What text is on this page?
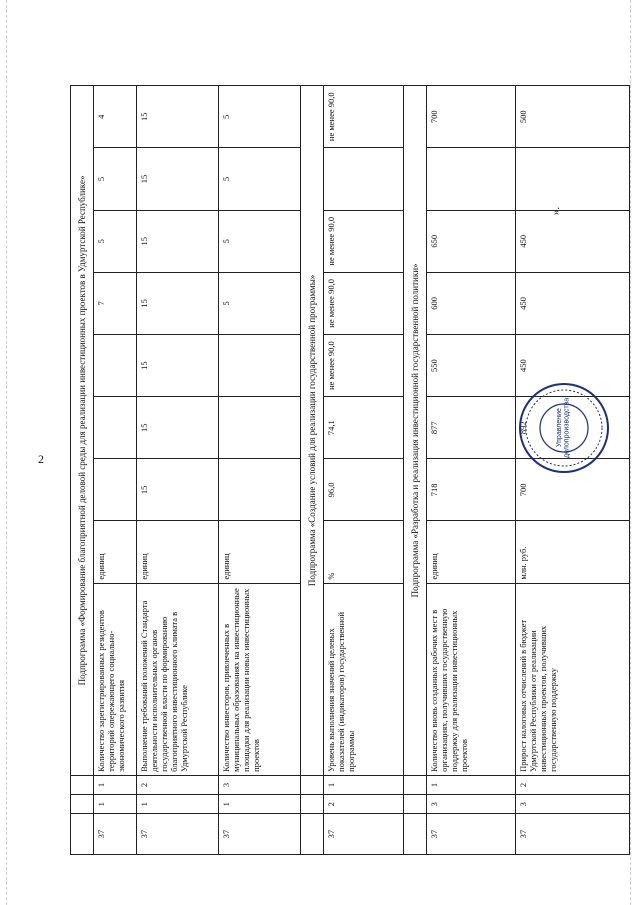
2
				Подпрограмма «Формирование благоприятной деловой среды для реализации инвестиционных проектов в Удмуртской Республике»								
37	1	1	Количество зарегистрированных резидентов территорий опережающего социально-экономического развития	единиц				7	5	5	4
37	1	2	Выполнение требований положений Стандарта деятельности исполнительных органов государственной власти по формированию благоприятного инвестиционного климата в Удмуртской Республике	единиц	15	15	15	15	15	15	15
37	1	3	Количество инвесторов, привлеченных в муниципальных образованиях на инвестиционные площадки для реализации новых инвестиционных проектов	единиц				5	5	5	5
			Подпрограмма «Создание условий для реализации государственной программы»								
37	2	1	Уровень выполнения значений целевых показателей (индикаторов) государственной программы	%	96,0	74,1	не менее 90,0	не менее 90,0	не менее 90,0		не менее 90,0
			Подпрограмма «Разработка и реализация инвестиционной государственной политики»								
37	3	1	Количество вновь созданных рабочих мест в организациях, получивших государственную поддержку для реализации инвестиционных проектов	единиц	718	877	550	600	650		700
37	3	2	Прирост налоговых отчислений в бюджет Удмуртской Республики от реализации инвестиционных проектов, получивших государственную поддержку	млн. руб.	700	892	450	450	450		500
».
Управление делопроизводства
